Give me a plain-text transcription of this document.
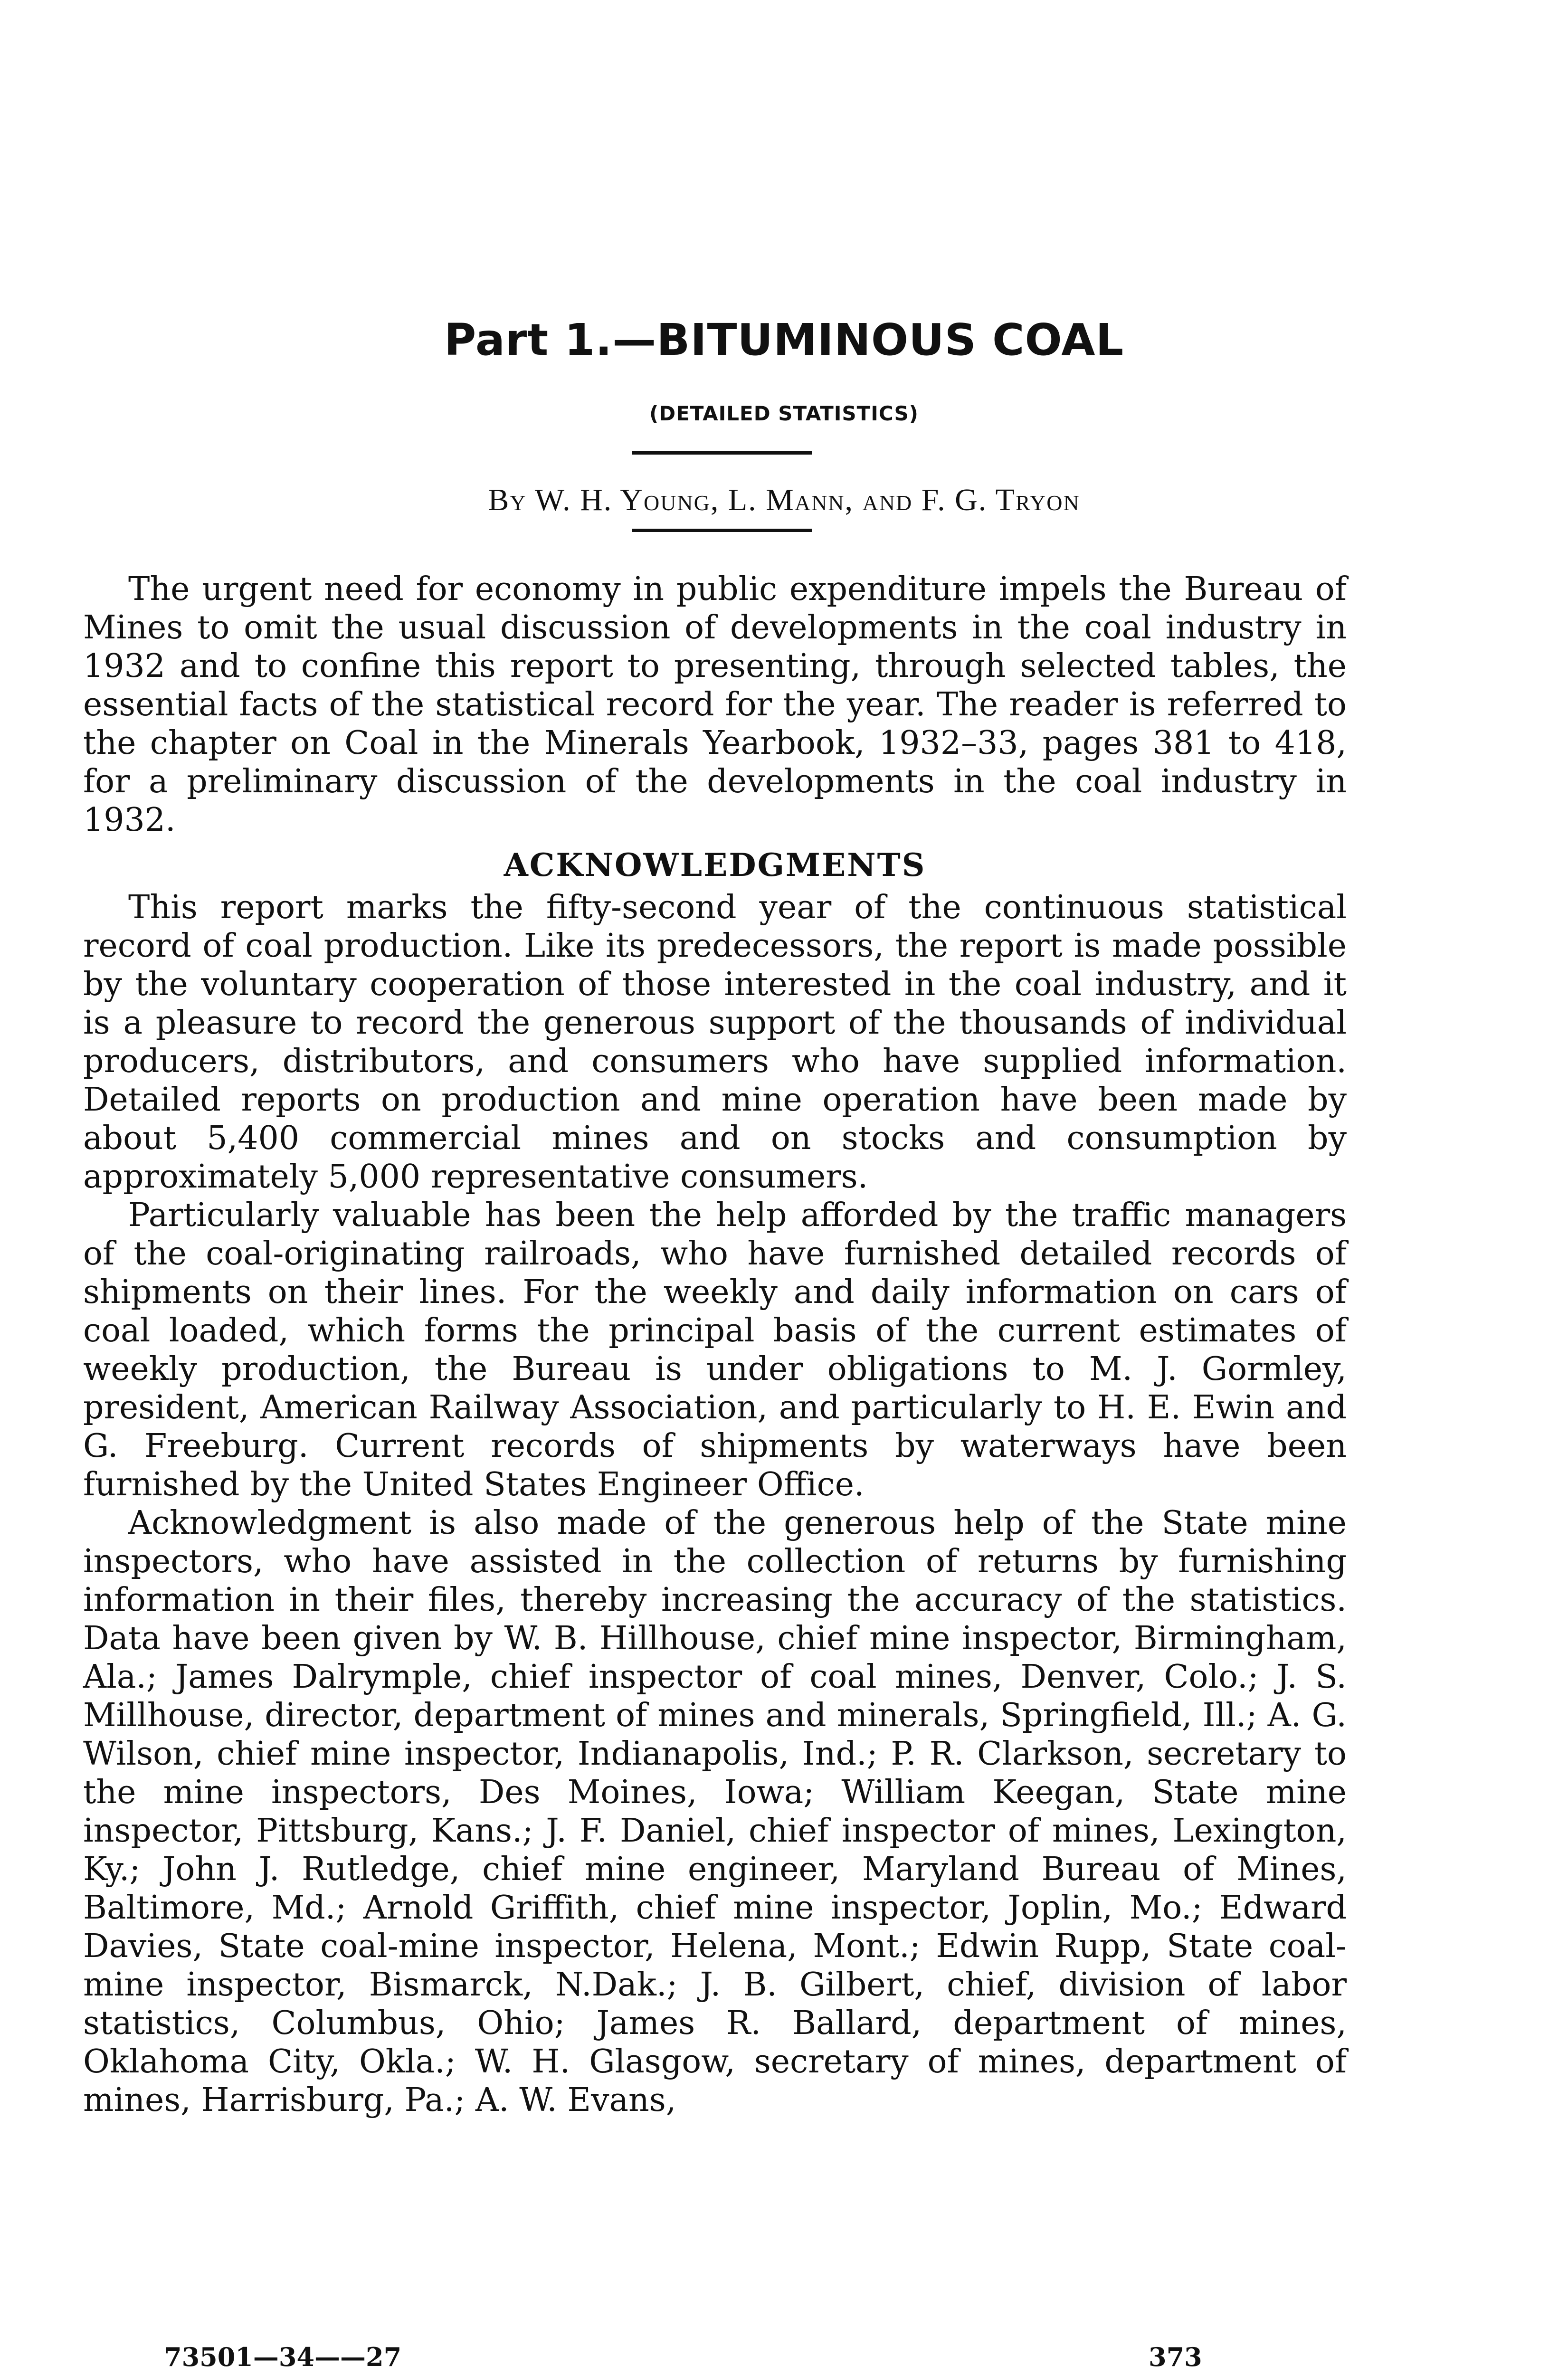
Part 1.—BITUMINOUS COAL
(DETAILED STATISTICS)
By W. H. Young, L. Mann, and F. G. Tryon

The urgent need for economy in public expenditure impels the Bureau of Mines to omit the usual discussion of developments in the coal industry in 1932 and to confine this report to presenting, through selected tables, the essential facts of the statistical record for the year. The reader is referred to the chapter on Coal in the Minerals Yearbook, 1932–33, pages 381 to 418, for a preliminary discussion of the developments in the coal industry in 1932.

ACKNOWLEDGMENTS

This report marks the fifty-second year of the continuous statistical record of coal production. Like its predecessors, the report is made possible by the voluntary cooperation of those interested in the coal industry, and it is a pleasure to record the generous support of the thousands of individual producers, distributors, and consumers who have supplied information. Detailed reports on production and mine operation have been made by about 5,400 commercial mines and on stocks and consumption by approximately 5,000 representative consumers.

Particularly valuable has been the help afforded by the traffic managers of the coal-originating railroads, who have furnished detailed records of shipments on their lines. For the weekly and daily information on cars of coal loaded, which forms the principal basis of the current estimates of weekly production, the Bureau is under obligations to M. J. Gormley, president, American Railway Association, and particularly to H. E. Ewin and G. Freeburg. Current records of shipments by waterways have been furnished by the United States Engineer Office.

Acknowledgment is also made of the generous help of the State mine inspectors, who have assisted in the collection of returns by furnishing information in their files, thereby increasing the accuracy of the statistics. Data have been given by W. B. Hillhouse, chief mine inspector, Birmingham, Ala.; James Dalrymple, chief inspector of coal mines, Denver, Colo.; J. S. Millhouse, director, department of mines and minerals, Springfield, Ill.; A. G. Wilson, chief mine inspector, Indianapolis, Ind.; P. R. Clarkson, secretary to the mine inspectors, Des Moines, Iowa; William Keegan, State mine inspector, Pittsburg, Kans.; J. F. Daniel, chief inspector of mines, Lexington, Ky.; John J. Rutledge, chief mine engineer, Maryland Bureau of Mines, Baltimore, Md.; Arnold Griffith, chief mine inspector, Joplin, Mo.; Edward Davies, State coal-mine inspector, Helena, Mont.; Edwin Rupp, State coal-mine inspector, Bismarck, N.Dak.; J. B. Gilbert, chief, division of labor statistics, Columbus, Ohio; James R. Ballard, department of mines, Oklahoma City, Okla.; W. H. Glasgow, secretary of mines, department of mines, Harrisburg, Pa.; A. W. Evans,

73501—34——27	373
